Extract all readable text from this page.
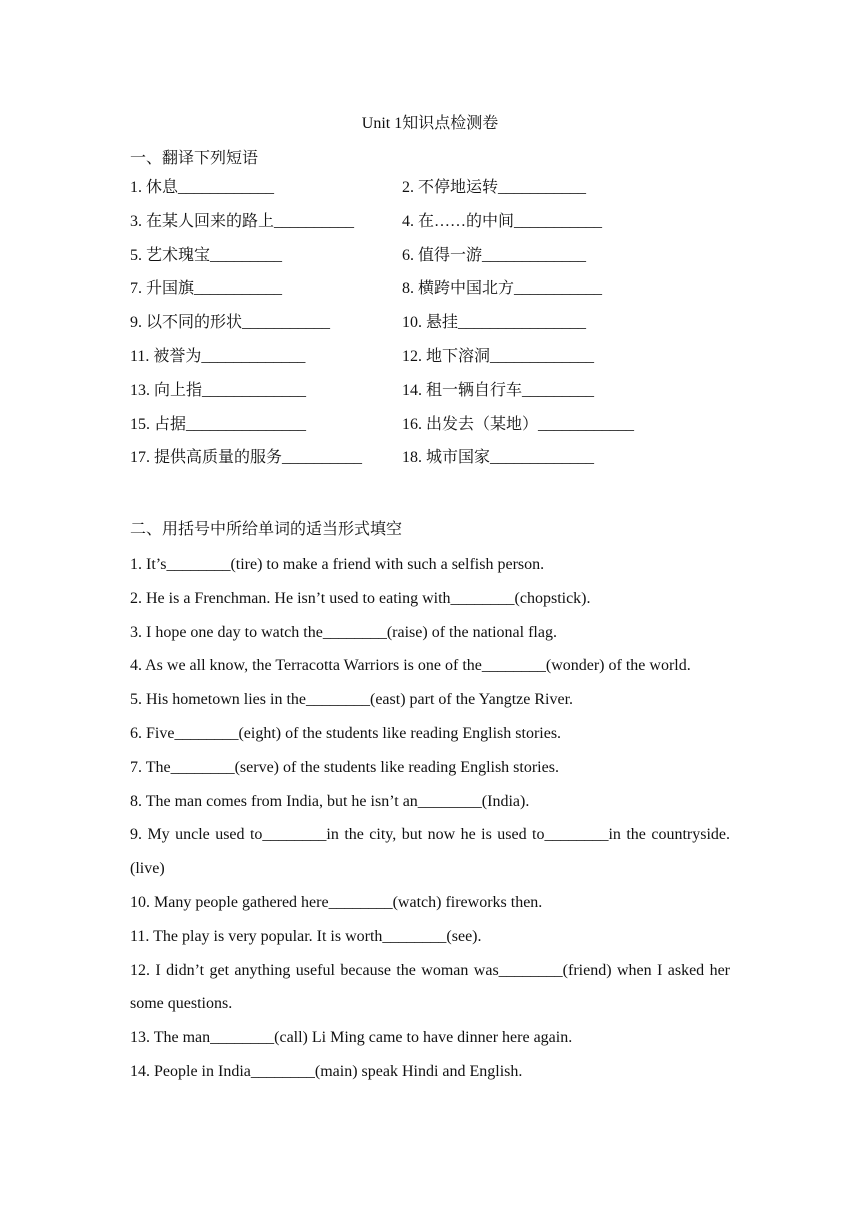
Unit 1知识点检测卷
一、翻译下列短语
1. 休息____________	2. 不停地运转___________
3. 在某人回来的路上__________	4. 在……的中间___________
5. 艺术瑰宝_________	6. 值得一游_____________
7. 升国旗___________	8. 横跨中国北方___________
9. 以不同的形状___________	10. 悬挂________________
11. 被誉为_____________	12. 地下溶洞_____________
13. 向上指_____________	14. 租一辆自行车_________
15. 占据_______________	16. 出发去（某地）____________
17. 提供高质量的服务__________	18. 城市国家_____________
二、用括号中所给单词的适当形式填空
1. It’s________(tire) to make a friend with such a selfish person.
2. He is a Frenchman. He isn’t used to eating with________(chopstick).
3. I hope one day to watch the________(raise) of the national flag.
4. As we all know, the Terracotta Warriors is one of the________(wonder) of the world.
5. His hometown lies in the________(east) part of the Yangtze River.
6. Five________(eight) of the students like reading English stories.
7. The________(serve) of the students like reading English stories.
8. The man comes from India, but he isn’t an________(India).
9. My uncle used to________in the city, but now he is used to________in the countryside.(live)
10. Many people gathered here________(watch) fireworks then.
11. The play is very popular. It is worth________(see).
12. I didn’t get anything useful because the woman was________(friend) when I asked her some questions.
13. The man________(call) Li Ming came to have dinner here again.
14. People in India________(main) speak Hindi and English.
